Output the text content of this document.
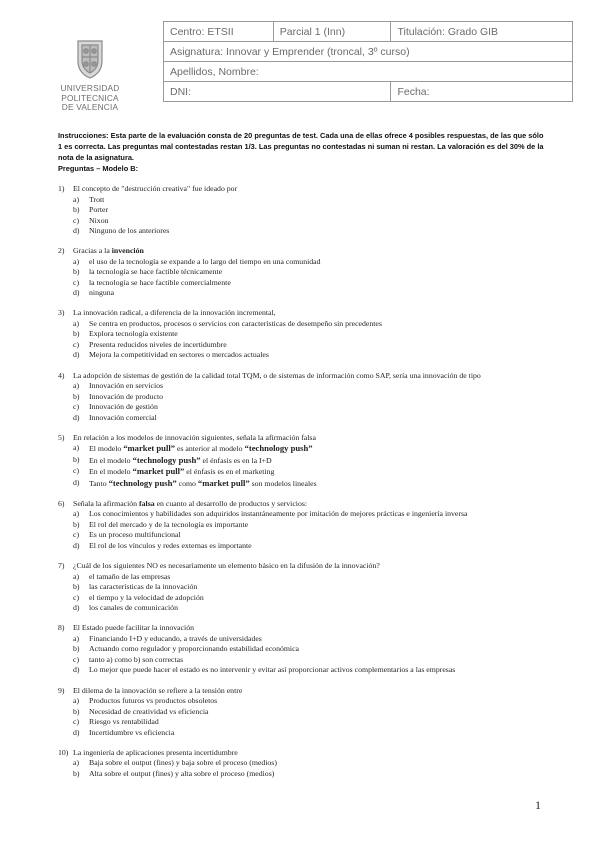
UNIVERSIDAD
POLITECNICA
DE VALENCIA
Centro: ETSII	Parcial 1 (Inn)	Titulación: Grado GIB
Asignatura: Innovar y Emprender (troncal, 3º curso)		
Apellidos, Nombre:		
DNI:		Fecha:
Instrucciones: Esta parte de la evaluación consta de 20 preguntas de test. Cada una de ellas ofrece 4 posibles respuestas, de las que sólo 1 es correcta. Las preguntas mal contestadas restan 1/3. Las preguntas no contestadas ni suman ni restan. La valoración es del 30% de la nota de la asignatura.
Preguntas – Modelo B:
1)	El concepto de "destrucción creativa" fue ideado por
a)	Trott
b)	Porter
c)	Nixon
d)	Ninguno de los anteriores
2)	Gracias a la invención
a)	el uso de la tecnología se expande a lo largo del tiempo en una comunidad
b)	la tecnología se hace factible técnicamente
c)	la tecnología se hace factible comercialmente
d)	ninguna
3)	La innovación radical, a diferencia de la innovación incremental,
a)	Se centra en productos, procesos o servicios con características de desempeño sin precedentes
b)	Explora tecnología existente
c)	Presenta reducidos niveles de incertidumbre
d)	Mejora la competitividad en sectores o mercados actuales
4)	La adopción de sistemas de gestión de la calidad total TQM, o de sistemas de información como SAP, sería una innovación de tipo
a)	Innovación en servicios
b)	Innovación de producto
c)	Innovación de gestión
d)	Innovación comercial
5)	En relación a los modelos de innovación siguientes, señala la afirmación falsa
a)	El modelo “market pull” es anterior al modelo “technology push”
b)	En el modelo “technology push” el énfasis es en la I+D
c)	En el modelo “market pull” el énfasis es en el marketing
d)	Tanto “technology push” como “market pull” son modelos lineales
6)	Señala la afirmación falsa en cuanto al desarrollo de productos y servicios:
a)	Los conocimientos y habilidades son adquiridos instantáneamente por imitación de mejores prácticas e ingeniería inversa
b)	El rol del mercado y de la tecnología es importante
c)	Es un proceso multifuncional
d)	El rol de los vínculos y redes externas es importante
7)	¿Cuál de los siguientes NO es necesariamente un elemento básico en la difusión de la innovación?
a)	el tamaño de las empresas
b)	las características de la innovación
c)	el tiempo y la velocidad de adopción
d)	los canales de comunicación
8)	El Estado puede facilitar la innovación
a)	Financiando I+D y educando, a través de universidades
b)	Actuando como regulador y proporcionando estabilidad económica
c)	tanto a) como b) son correctas
d)	Lo mejor que puede hacer el estado es no intervenir y evitar así proporcionar activos complementarios a las empresas
9)	El dilema de la innovación se refiere a la tensión entre
a)	Productos futuros vs productos obsoletos
b)	Necesidad de creatividad vs eficiencia
c)	Riesgo vs rentabilidad
d)	Incertidumbre vs eficiencia
10) La ingeniería de aplicaciones presenta incertidumbre
a)	Baja sobre el output (fines) y baja sobre el proceso (medios)
b)	Alta sobre el output (fines) y alta sobre el proceso (medios)
1
